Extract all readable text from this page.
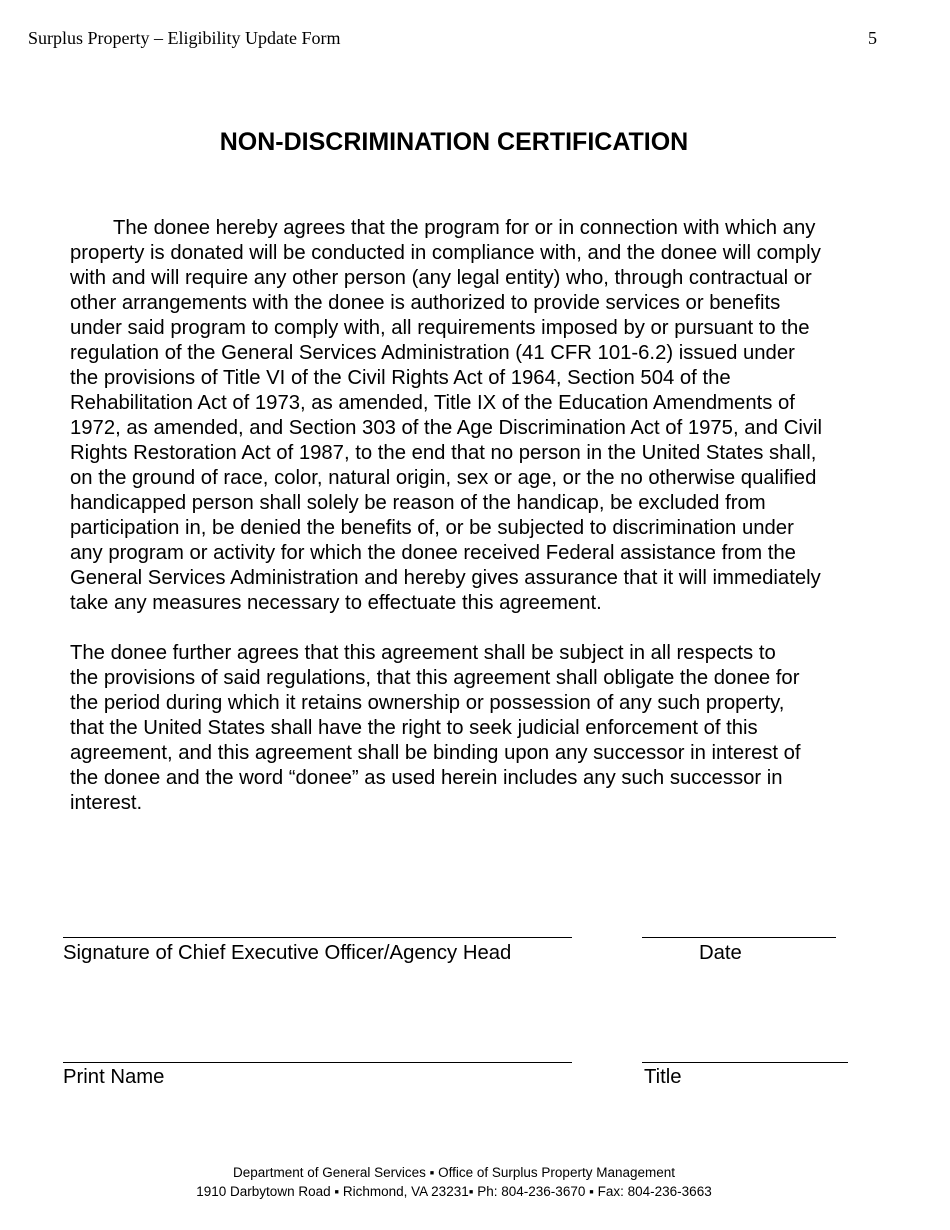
Surplus Property – Eligibility Update Form	5
NON-DISCRIMINATION CERTIFICATION
The donee hereby agrees that the program for or in connection with which any
property is donated will be conducted in compliance with, and the donee will comply
with and will require any other person (any legal entity) who, through contractual or
other arrangements with the donee is authorized to provide services or benefits
under said program to comply with, all requirements imposed by or pursuant to the
regulation of the General Services Administration (41 CFR 101-6.2) issued under
the provisions of Title VI of the Civil Rights Act of 1964, Section 504 of the
Rehabilitation Act of 1973, as amended, Title IX of the Education Amendments of
1972, as amended, and Section 303 of the Age Discrimination Act of 1975, and Civil
Rights Restoration Act of 1987, to the end that no person in the United States shall,
on the ground of race, color, natural origin, sex or age, or the no otherwise qualified
handicapped person shall solely be reason of the handicap, be excluded from
participation in, be denied the benefits of, or be subjected to discrimination under
any program or activity for which the donee received Federal assistance from the
General Services Administration and hereby gives assurance that it will immediately
take any measures necessary to effectuate this agreement.
The donee further agrees that this agreement shall be subject in all respects to
the provisions of said regulations, that this agreement shall obligate the donee for
the period during which it retains ownership or possession of any such property,
that the United States shall have the right to seek judicial enforcement of this
agreement, and this agreement shall be binding upon any successor in interest of
the donee and the word “donee” as used herein includes any such successor in
interest.
Signature of Chief Executive Officer/Agency Head	Date
Print Name	Title
Department of General Services ▪ Office of Surplus Property Management
1910 Darbytown Road ▪ Richmond, VA 23231▪ Ph: 804-236-3670 ▪ Fax: 804-236-3663
